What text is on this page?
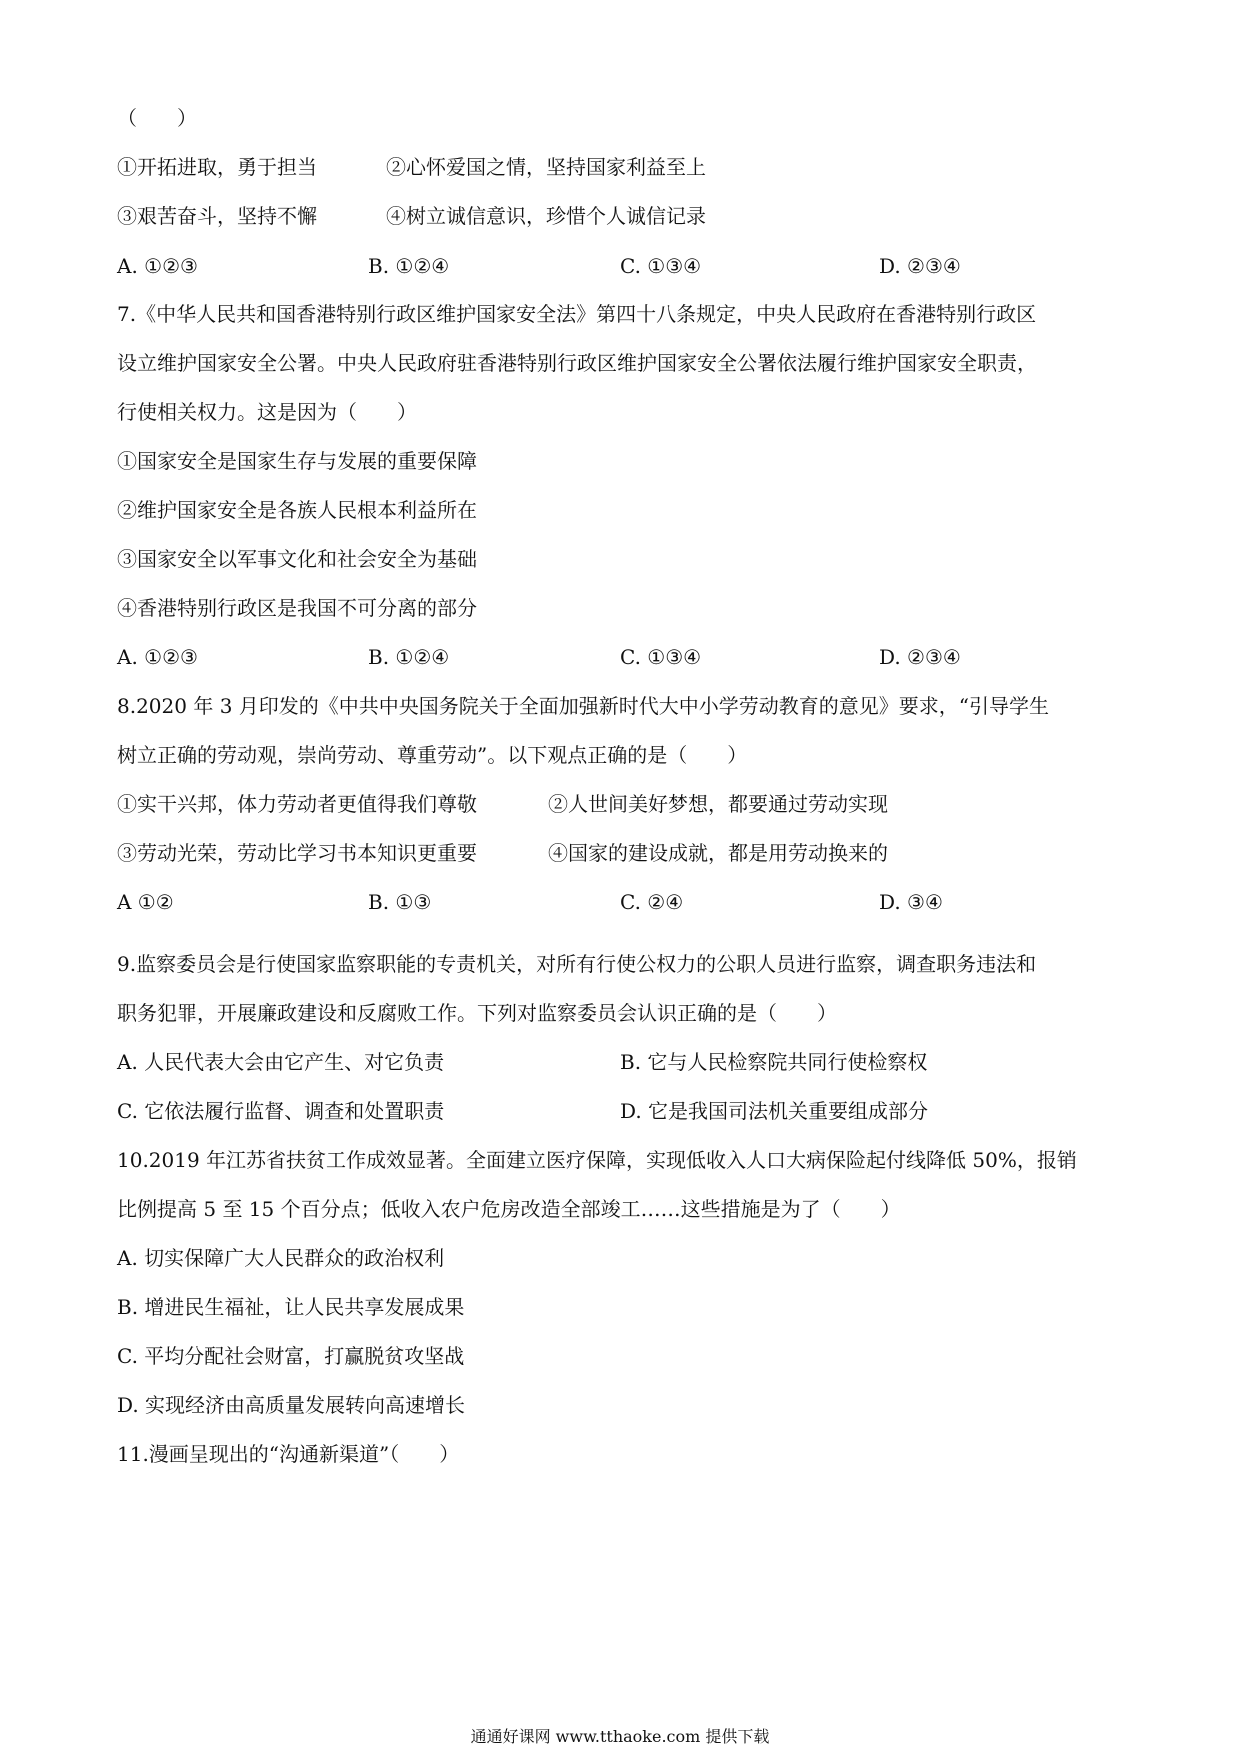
（　　）
①开拓进取，勇于担当	②心怀爱国之情，坚持国家利益至上
③艰苦奋斗，坚持不懈	④树立诚信意识，珍惜个人诚信记录
A. ①②③	B. ①②④	C. ①③④	D. ②③④
7.《中华人民共和国香港特别行政区维护国家安全法》第四十八条规定，中央人民政府在香港特别行政区
设立维护国家安全公署。中央人民政府驻香港特别行政区维护国家安全公署依法履行维护国家安全职责，
行使相关权力。这是因为（　　）
①国家安全是国家生存与发展的重要保障
②维护国家安全是各族人民根本利益所在
③国家安全以军事文化和社会安全为基础
④香港特别行政区是我国不可分离的部分
A. ①②③	B. ①②④	C. ①③④	D. ②③④
8.2020 年 3 月印发的《中共中央国务院关于全面加强新时代大中小学劳动教育的意见》要求，“引导学生
树立正确的劳动观，崇尚劳动、尊重劳动”。以下观点正确的是（　　）
①实干兴邦，体力劳动者更值得我们尊敬	②人世间美好梦想，都要通过劳动实现
③劳动光荣，劳动比学习书本知识更重要	④国家的建设成就，都是用劳动换来的
A ①②	B. ①③	C. ②④	D. ③④
9.监察委员会是行使国家监察职能的专责机关，对所有行使公权力的公职人员进行监察，调查职务违法和
职务犯罪，开展廉政建设和反腐败工作。下列对监察委员会认识正确的是（　　）
A. 人民代表大会由它产生、对它负责	B. 它与人民检察院共同行使检察权
C. 它依法履行监督、调查和处置职责	D. 它是我国司法机关重要组成部分
10.2019 年江苏省扶贫工作成效显著。全面建立医疗保障，实现低收入人口大病保险起付线降低 50%，报销
比例提高 5 至 15 个百分点；低收入农户危房改造全部竣工……这些措施是为了（　　）
A. 切实保障广大人民群众的政治权利
B. 增进民生福祉，让人民共享发展成果
C. 平均分配社会财富，打赢脱贫攻坚战
D. 实现经济由高质量发展转向高速增长
11.漫画呈现出的“沟通新渠道”（　　）
通通好课网 www.tthaoke.com 提供下载
